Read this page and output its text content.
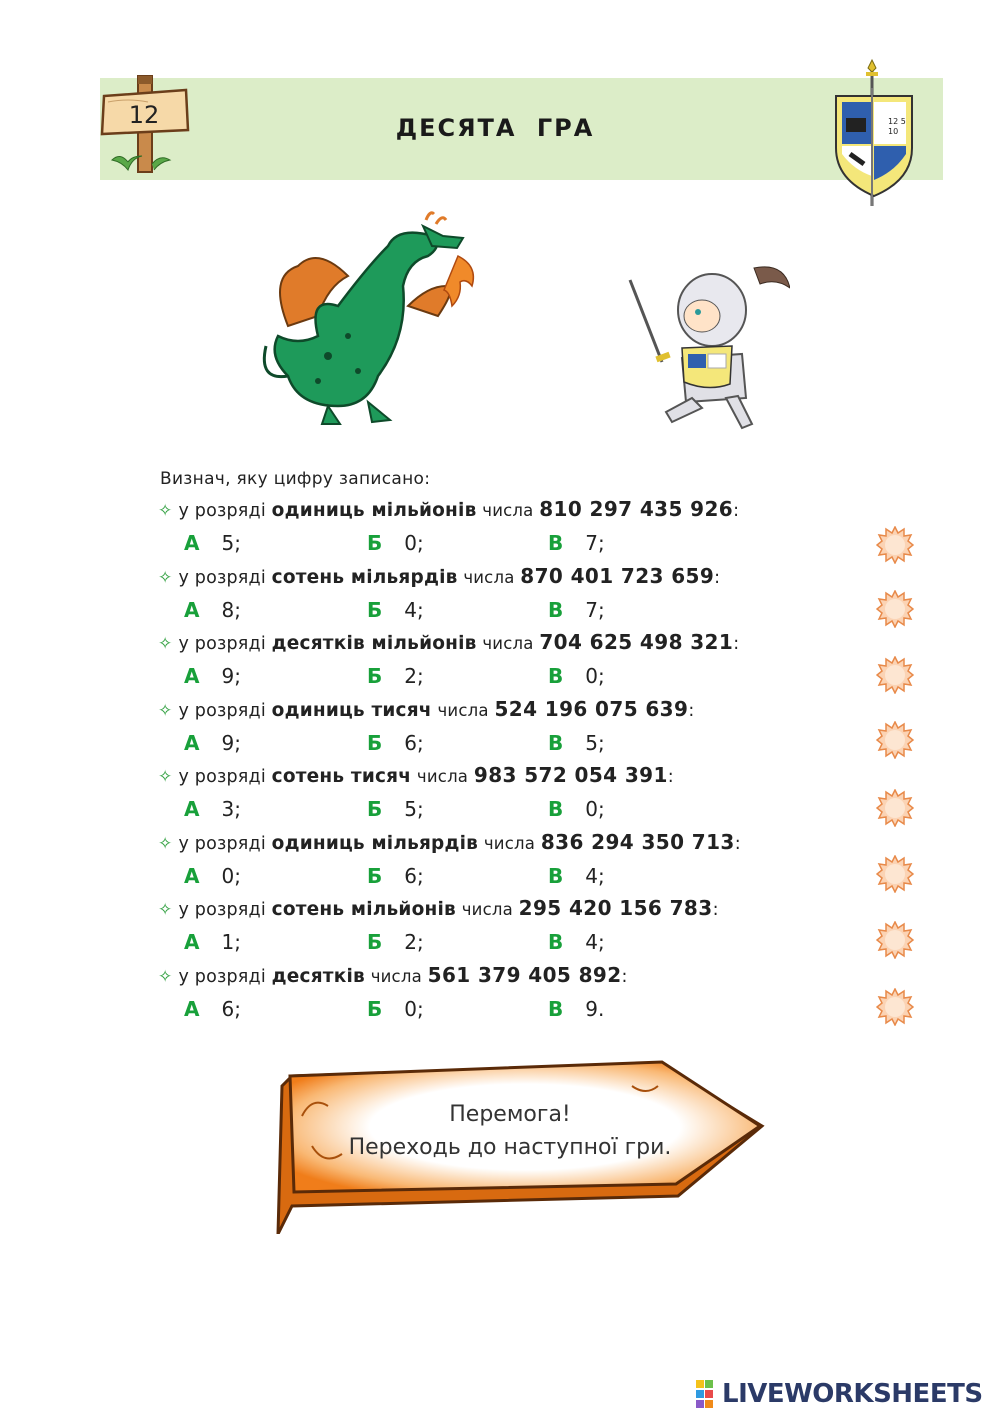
12	ДЕСЯТА ГРА	12 5
10
Визнач, яку цифру записано:
✧ у розряді одиниць мільйонів числа 810 297 435 926:
А 5;	Б 0;	В 7;
✧ у розряді сотень мільярдів числа 870 401 723 659:
А 8;	Б 4;	В 7;
✧ у розряді десятків мільйонів числа 704 625 498 321:
А 9;	Б 2;	В 0;
✧ у розряді одиниць тисяч числа 524 196 075 639:
А 9;	Б 6;	В 5;
✧ у розряді сотень тисяч числа 983 572 054 391:
А 3;	Б 5;	В 0;
✧ у розряді одиниць мільярдів числа 836 294 350 713:
А 0;	Б 6;	В 4;
✧ у розряді сотень мільйонів числа 295 420 156 783:
А 1;	Б 2;	В 4;
✧ у розряді десятків числа 561 379 405 892:
А 6;	Б 0;	В 9.
Перемога!
Переходь до наступної гри.
LIVEWORKSHEETS
